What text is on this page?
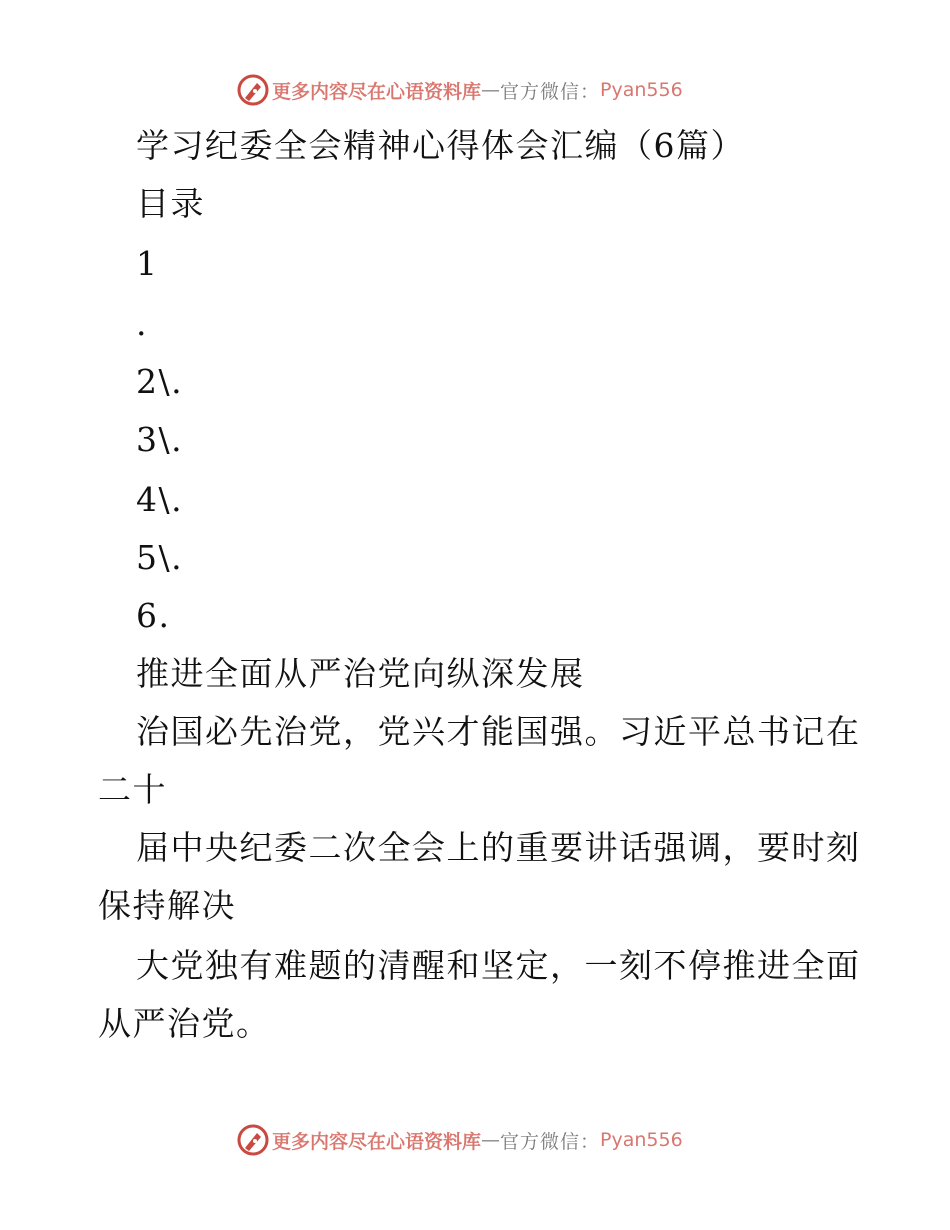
更多内容尽在心语资料库 — 官方微信： Pyan556
学习纪委全会精神心得体会汇编（6篇）
目录
1
.
2\.
3\.
4\.
5\.
6.
推进全面从严治党向纵深发展
治国必先治党，党兴才能国强。习近平总书记在
二十
届中央纪委二次全会上的重要讲话强调，要时刻
保持解决
大党独有难题的清醒和坚定，一刻不停推进全面
从严治党。
更多内容尽在心语资料库 — 官方微信： Pyan556
